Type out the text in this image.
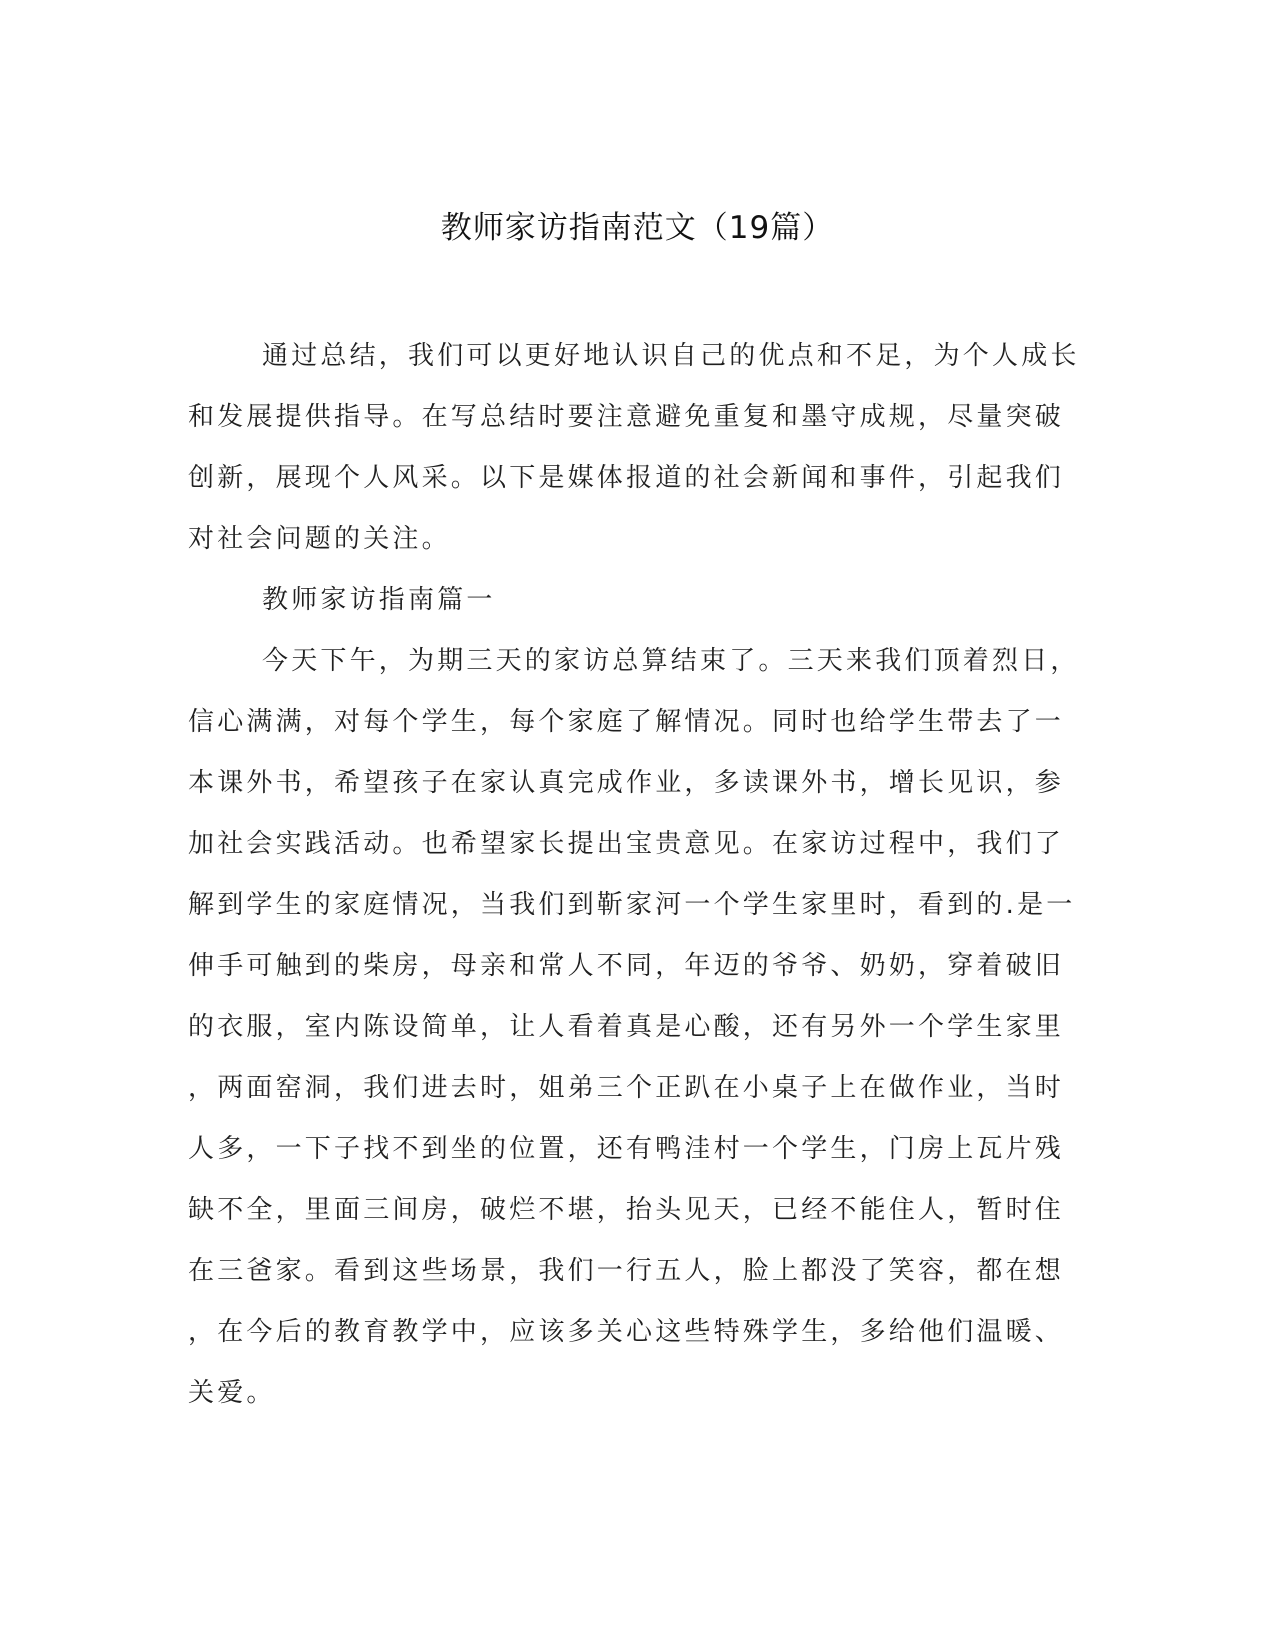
教师家访指南范文（19篇）
通过总结，我们可以更好地认识自己的优点和不足，为个人成长
和发展提供指导。在写总结时要注意避免重复和墨守成规，尽量突破
创新，展现个人风采。以下是媒体报道的社会新闻和事件，引起我们
对社会问题的关注。
教师家访指南篇一
今天下午，为期三天的家访总算结束了。三天来我们顶着烈日，
信心满满，对每个学生，每个家庭了解情况。同时也给学生带去了一
本课外书，希望孩子在家认真完成作业，多读课外书，增长见识，参
加社会实践活动。也希望家长提出宝贵意见。在家访过程中，我们了
解到学生的家庭情况，当我们到靳家河一个学生家里时，看到的.是一
伸手可触到的柴房，母亲和常人不同，年迈的爷爷、奶奶，穿着破旧
的衣服，室内陈设简单，让人看着真是心酸，还有另外一个学生家里
，两面窑洞，我们进去时，姐弟三个正趴在小桌子上在做作业，当时
人多，一下子找不到坐的位置，还有鸭洼村一个学生，门房上瓦片残
缺不全，里面三间房，破烂不堪，抬头见天，已经不能住人，暂时住
在三爸家。看到这些场景，我们一行五人，脸上都没了笑容，都在想
，在今后的教育教学中，应该多关心这些特殊学生，多给他们温暖、
关爱。
